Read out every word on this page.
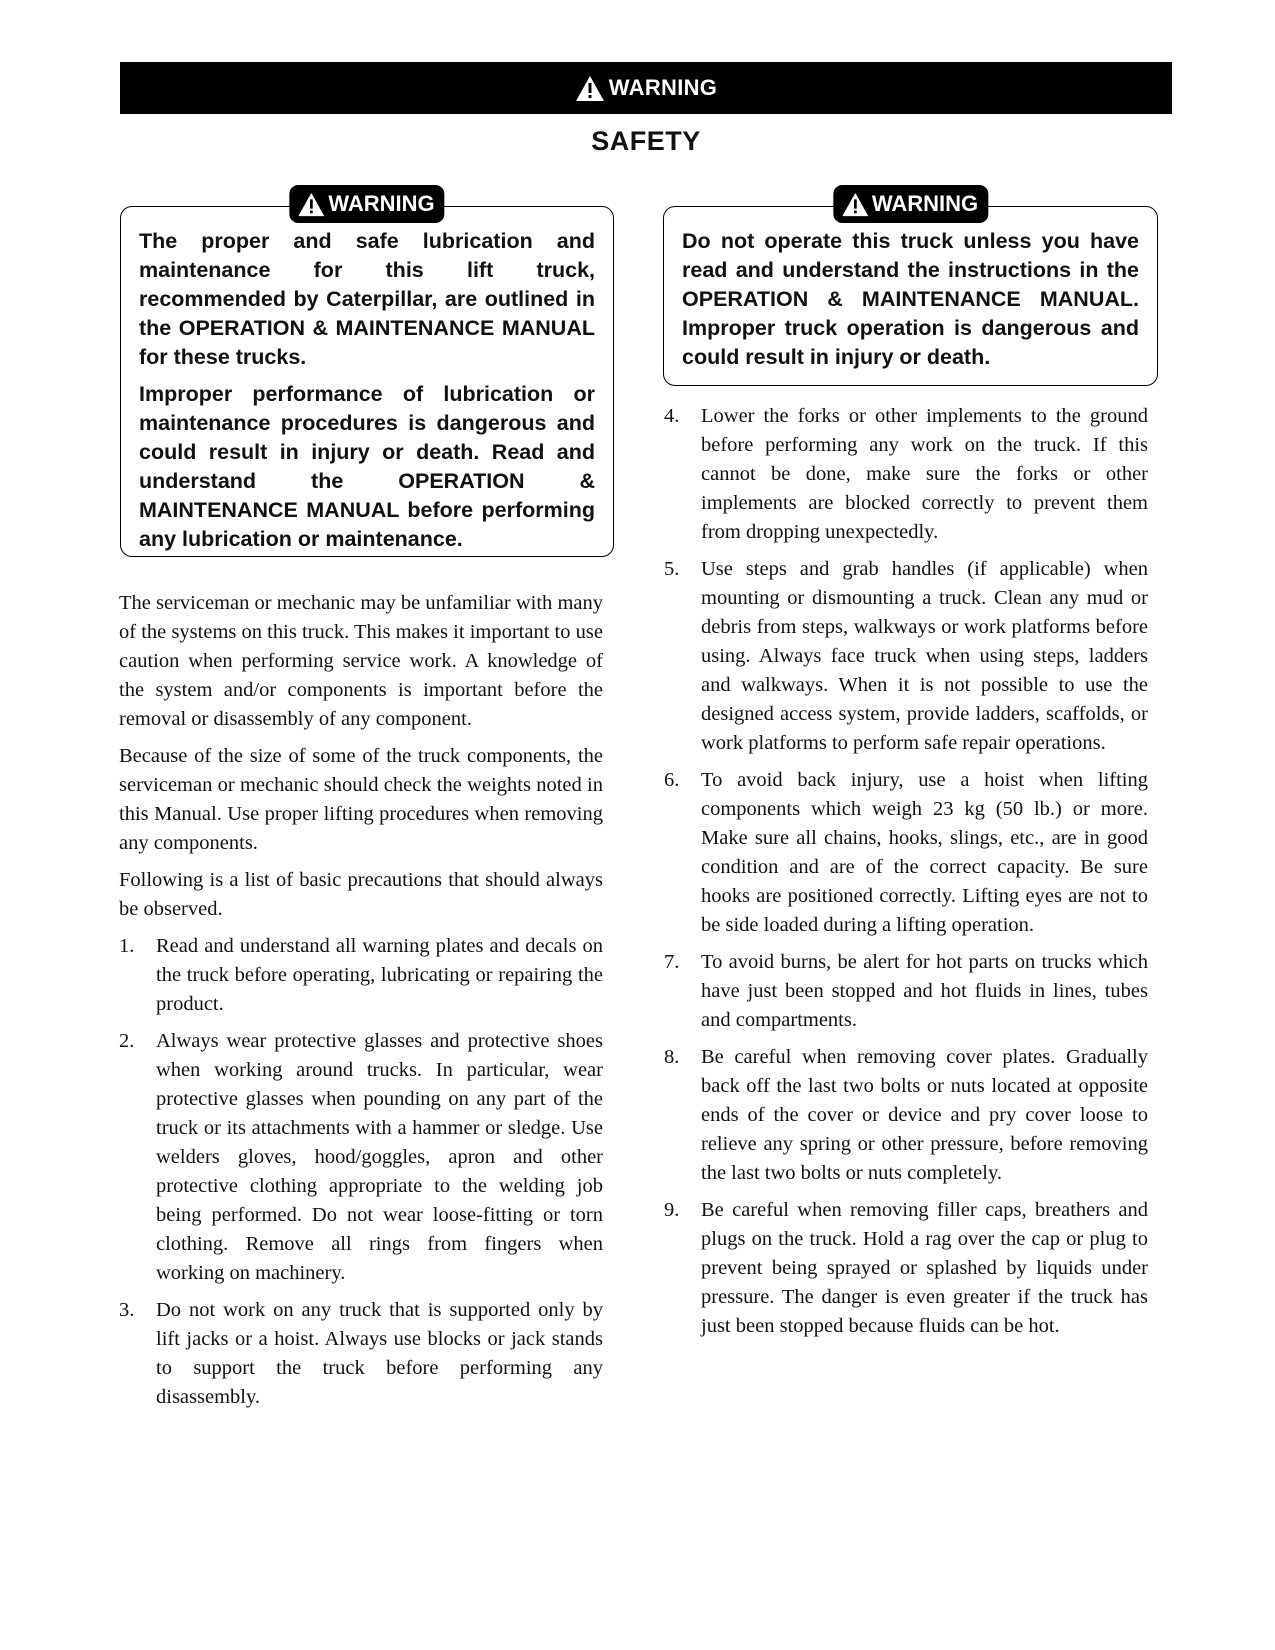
WARNING
SAFETY
WARNING

The proper and safe lubrication and maintenance for this lift truck, recommended by Caterpillar, are outlined in the OPERATION & MAINTENANCE MANUAL for these trucks.

Improper performance of lubrication or maintenance procedures is dangerous and could result in injury or death. Read and understand the OPERATION & MAINTENANCE MANUAL before performing any lubrication or maintenance.

WARNING

Do not operate this truck unless you have read and understand the instructions in the OPERATION & MAINTENANCE MANUAL. Improper truck operation is dangerous and could result in injury or death.

The serviceman or mechanic may be unfamiliar with many of the systems on this truck. This makes it important to use caution when performing service work. A knowledge of the system and/or components is important before the removal or disassembly of any component.

Because of the size of some of the truck components, the serviceman or mechanic should check the weights noted in this Manual. Use proper lifting procedures when removing any components.

Following is a list of basic precautions that should always be observed.

1. Read and understand all warning plates and decals on the truck before operating, lubricating or repairing the product.
2. Always wear protective glasses and protective shoes when working around trucks. In particular, wear protective glasses when pounding on any part of the truck or its attachments with a hammer or sledge. Use welders gloves, hood/goggles, apron and other protective clothing appropriate to the welding job being performed. Do not wear loose-fitting or torn clothing. Remove all rings from fingers when working on machinery.
3. Do not work on any truck that is supported only by lift jacks or a hoist. Always use blocks or jack stands to support the truck before performing any disassembly.
4. Lower the forks or other implements to the ground before performing any work on the truck. If this cannot be done, make sure the forks or other implements are blocked correctly to prevent them from dropping unexpectedly.
5. Use steps and grab handles (if applicable) when mounting or dismounting a truck. Clean any mud or debris from steps, walkways or work platforms before using. Always face truck when using steps, ladders and walkways. When it is not possible to use the designed access system, provide ladders, scaffolds, or work platforms to perform safe repair operations.
6. To avoid back injury, use a hoist when lifting components which weigh 23 kg (50 lb.) or more. Make sure all chains, hooks, slings, etc., are in good condition and are of the correct capacity. Be sure hooks are positioned correctly. Lifting eyes are not to be side loaded during a lifting operation.
7. To avoid burns, be alert for hot parts on trucks which have just been stopped and hot fluids in lines, tubes and compartments.
8. Be careful when removing cover plates. Gradually back off the last two bolts or nuts located at opposite ends of the cover or device and pry cover loose to relieve any spring or other pressure, before removing the last two bolts or nuts completely.
9. Be careful when removing filler caps, breathers and plugs on the truck. Hold a rag over the cap or plug to prevent being sprayed or splashed by liquids under pressure. The danger is even greater if the truck has just been stopped because fluids can be hot.
